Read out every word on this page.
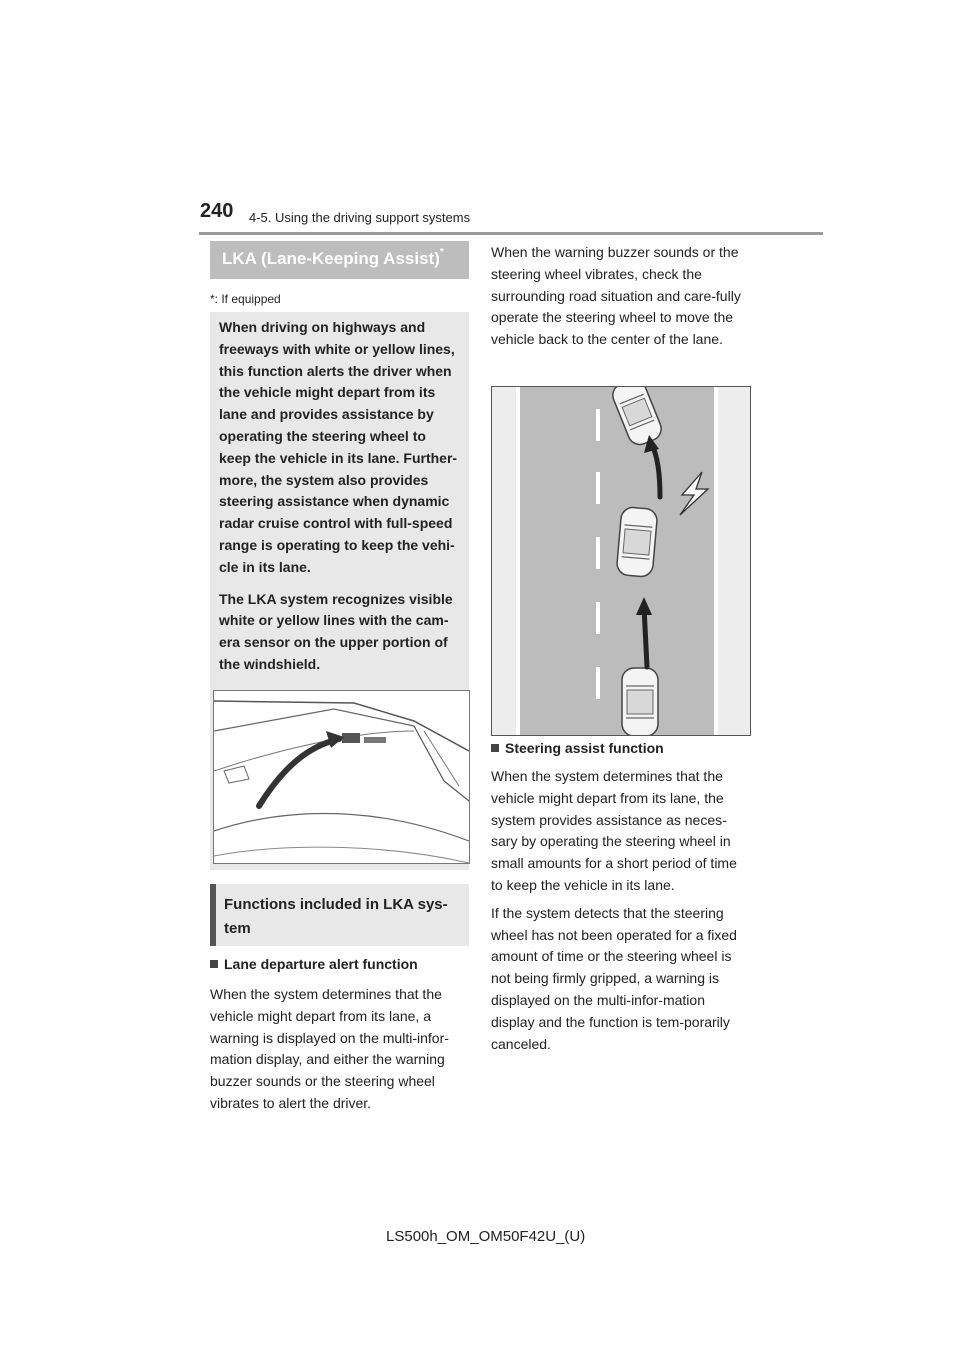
240 4-5. Using the driving support systems
LKA (Lane-Keeping Assist)*
*: If equipped

When driving on highways and freeways with white or yellow lines, this function alerts the driver when the vehicle might depart from its lane and provides assistance by operating the steering wheel to keep the vehicle in its lane. Further-more, the system also provides steering assistance when dynamic radar cruise control with full-speed range is operating to keep the vehi-cle in its lane.

The LKA system recognizes visible white or yellow lines with the cam-era sensor on the upper portion of the windshield.

Functions included in LKA sys-tem
Lane departure alert function

When the system determines that the vehicle might depart from its lane, a warning is displayed on the multi-infor-mation display, and either the warning buzzer sounds or the steering wheel vibrates to alert the driver.

When the warning buzzer sounds or the steering wheel vibrates, check the surrounding road situation and care-fully operate the steering wheel to move the vehicle back to the center of the lane.

Steering assist function

When the system determines that the vehicle might depart from its lane, the system provides assistance as neces-sary by operating the steering wheel in small amounts for a short period of time to keep the vehicle in its lane.

If the system detects that the steering wheel has not been operated for a fixed amount of time or the steering wheel is not being firmly gripped, a warning is displayed on the multi-infor-mation display and the function is tem-porarily canceled.

LS500h_OM_OM50F42U_(U)
